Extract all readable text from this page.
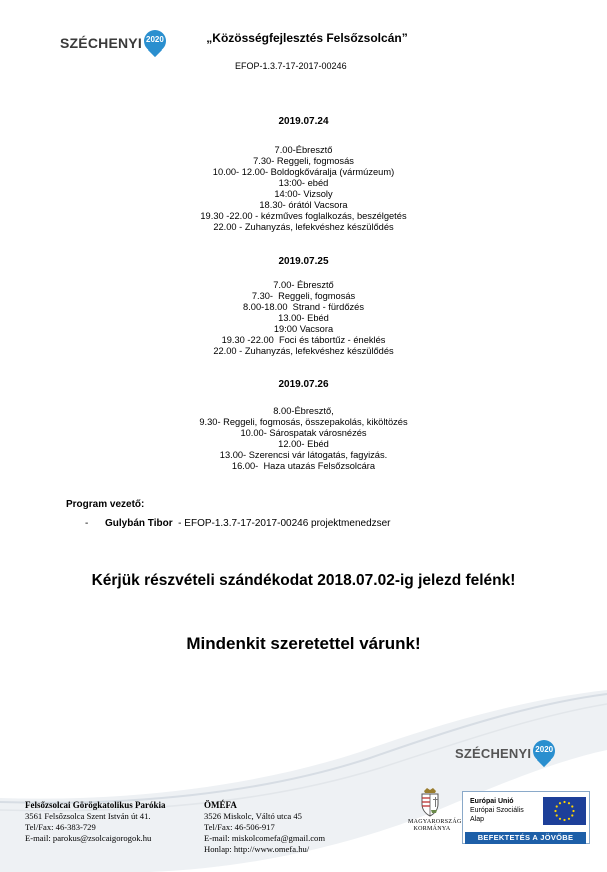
SZÉCHENYI 2020	„Közösségfejlesztés Felsőzsolcán”
EFOP-1.3.7-17-2017-00246
2019.07.24
7.00-Ébresztő
7.30- Reggeli, fogmosás
10.00- 12.00- Boldogkőváralja (vármúzeum)
13:00- ebéd
14:00- Vizsoly
18.30- órától Vacsora
19.30 -22.00 - kézműves foglalkozás, beszélgetés
22.00 - Zuhanyzás, lefekvéshez készülődés
2019.07.25
7.00- Ébresztő
7.30-  Reggeli, fogmosás
8.00-18.00  Strand - fürdőzés
13.00- Ebéd
19:00 Vacsora
19.30 -22.00  Foci és tábortűz - éneklés
22.00 - Zuhanyzás, lefekvéshez készülődés
2019.07.26
8.00-Ébresztő,
9.30- Reggeli, fogmosás, összepakolás, kiköltözés
10.00- Sárospatak városnézés
12.00- Ebéd
13.00- Szerencsi vár látogatás, fagyizás.
16.00-  Haza utazás Felsőzsolcára
Program vezető:
- Gulybán Tibor  - EFOP-1.3.7-17-2017-00246 projektmenedzser
Kérjük részvételi szándékodat 2018.07.02-ig jelezd felénk!
Mindenkit szeretettel várunk!
SZÉCHENYI 2020
Felsőzsolcai Görögkatolikus Parókia
3561 Felsőzsolca Szent István út 41.
Tel/Fax: 46-383-729
E-mail: parokus@zsolcaigorogok.hu
ÖMÉFA
3526 Miskolc, Váltó utca 45
Tel/Fax: 46-506-917
E-mail: miskolcomefa@gmail.com
Honlap: http://www.omefa.hu/
MAGYARORSZÁG
KORMÁNYA
Európai Unió
Európai Szociális
Alap
BEFEKTETÉS A JÖVŐBE
